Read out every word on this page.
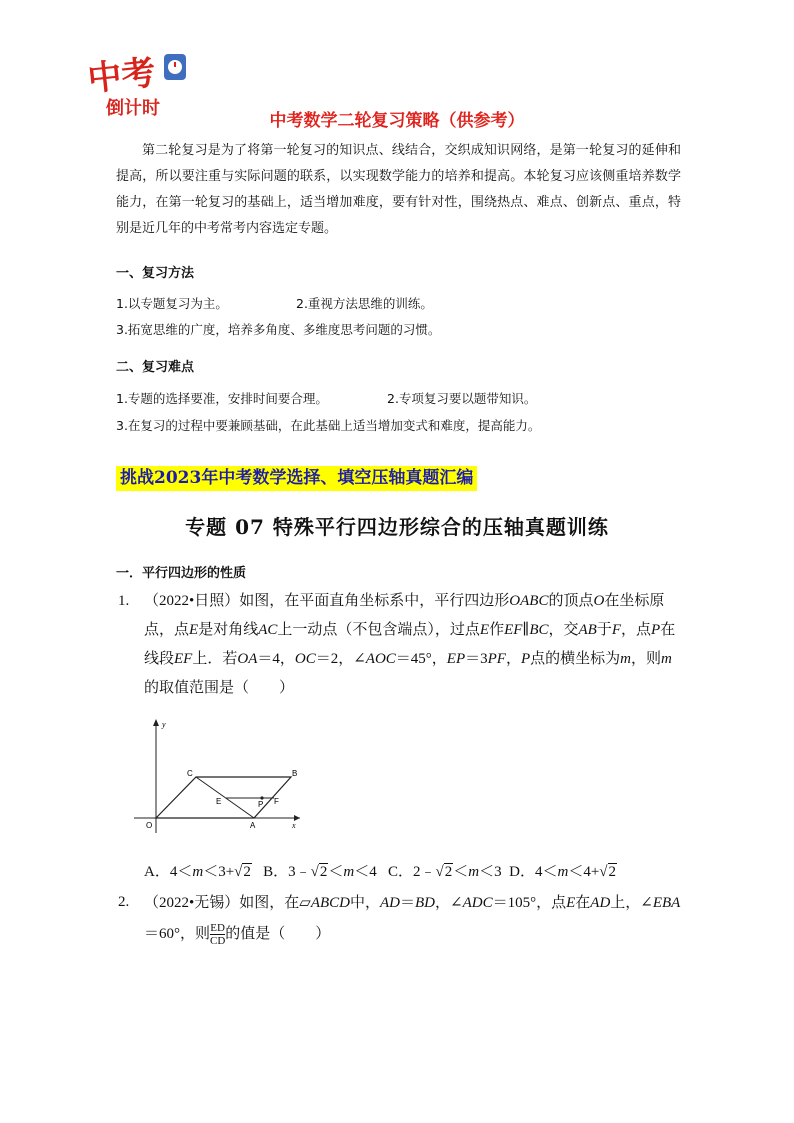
中考
倒计时
中考数学二轮复习策略（供参考）
第二轮复习是为了将第一轮复习的知识点、线结合，交织成知识网络，是第一轮复习的延伸和提高，所以要注重与实际问题的联系，以实现数学能力的培养和提高。本轮复习应该侧重培养数学能力，在第一轮复习的基础上，适当增加难度，要有针对性，围绕热点、难点、创新点、重点，特别是近几年的中考常考内容选定专题。
一、复习方法
1.以专题复习为主。	2.重视方法思维的训练。
3.拓宽思维的广度，培养多角度、多维度思考问题的习惯。
二、复习难点
1.专题的选择要准，安排时间要合理。	2.专项复习要以题带知识。
3.在复习的过程中要兼顾基础，在此基础上适当增加变式和难度，提高能力。
挑战2023年中考数学选择、填空压轴真题汇编
专题 07 特殊平行四边形综合的压轴真题训练
一．平行四边形的性质
1. （2022•日照）如图，在平面直角坐标系中，平行四边形OABC的顶点O在坐标原点，点E是对角线AC上一动点（不包含端点），过点E作EF∥BC，交AB于F，点P在线段EF上．若OA＝4，OC＝2，∠AOC＝45°，EP＝3PF，P点的横坐标为m，则m的取值范围是（　　）
y
x
O
C	B
E	P F
A
A．4＜m＜3+√2 B．3﹣√2＜m＜4 C．2﹣√2＜m＜3 D．4＜m＜4+√2
2. （2022•无锡）如图，在▱ABCD中，AD＝BD，∠ADC＝105°，点E在AD上，∠EBA＝60°，则 $\frac{ED}{CD}$ 的值是（　　）
